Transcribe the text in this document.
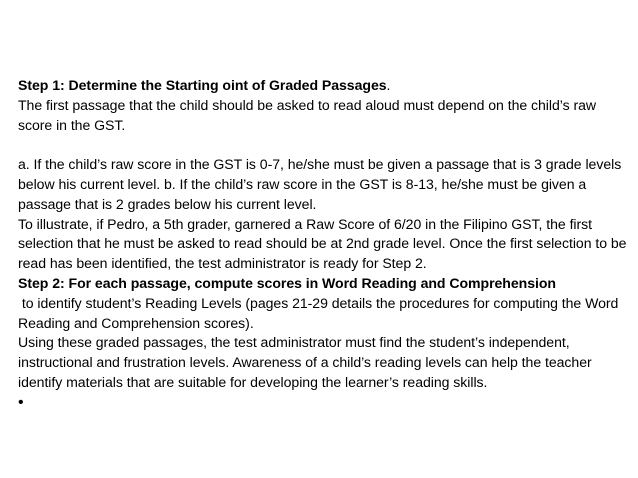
Step 1: Determine the Starting oint of Graded Passages.

The first passage that the child should be asked to read aloud must depend on the child’s raw score in the GST.

a. If the child’s raw score in the GST is 0-7, he/she must be given a passage that is 3 grade levels below his current level. b. If the child’s raw score in the GST is 8-13, he/she must be given a passage that is 2 grades below his current level.

To illustrate, if Pedro, a 5th grader, garnered a Raw Score of 6/20 in the Filipino GST, the first selection that he must be asked to read should be at 2nd grade level. Once the first selection to be read has been identified, the test administrator is ready for Step 2.

Step 2: For each passage, compute scores in Word Reading and Comprehension

to identify student’s Reading Levels (pages 21-29 details the procedures for computing the Word Reading and Comprehension scores).

Using these graded passages, the test administrator must find the student’s independent, instructional and frustration levels. Awareness of a child’s reading levels can help the teacher identify materials that are suitable for developing the learner’s reading skills.

•
